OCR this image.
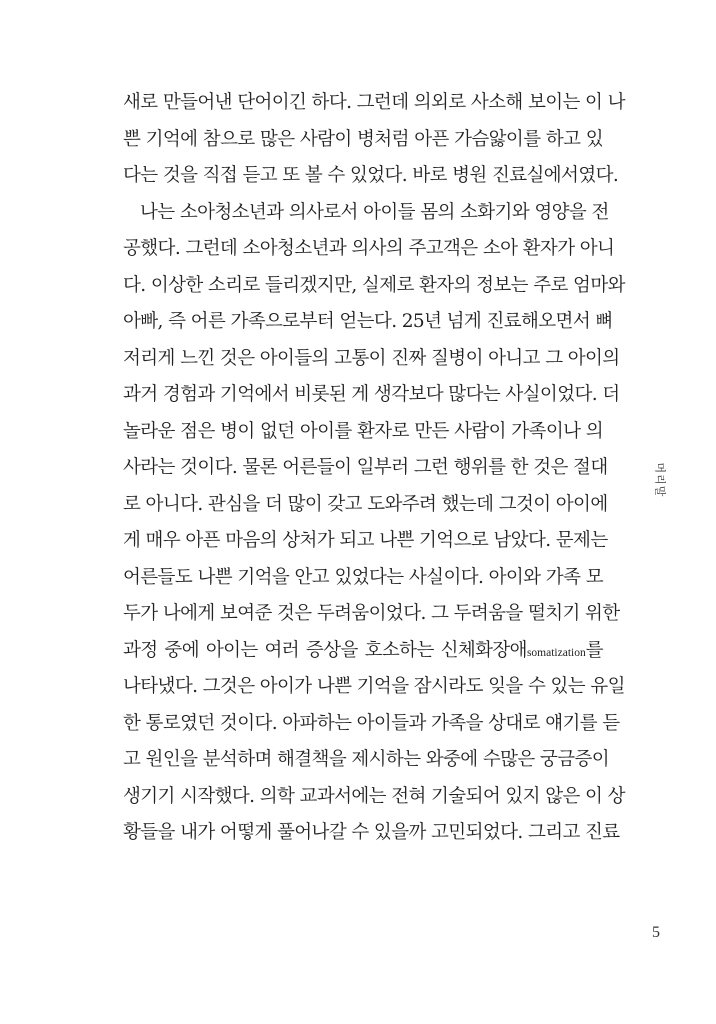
새로 만들어낸 단어이긴 하다. 그런데 의외로 사소해 보이는 이 나
쁜 기억에 참으로 많은 사람이 병처럼 아픈 가슴앓이를 하고 있
다는 것을 직접 듣고 또 볼 수 있었다. 바로 병원 진료실에서였다.
나는 소아청소년과 의사로서 아이들 몸의 소화기와 영양을 전
공했다. 그런데 소아청소년과 의사의 주고객은 소아 환자가 아니
다. 이상한 소리로 들리겠지만, 실제로 환자의 정보는 주로 엄마와
아빠, 즉 어른 가족으로부터 얻는다. 25년 넘게 진료해오면서 뼈
저리게 느낀 것은 아이들의 고통이 진짜 질병이 아니고 그 아이의
과거 경험과 기억에서 비롯된 게 생각보다 많다는 사실이었다. 더
놀라운 점은 병이 없던 아이를 환자로 만든 사람이 가족이나 의
사라는 것이다. 물론 어른들이 일부러 그런 행위를 한 것은 절대
로 아니다. 관심을 더 많이 갖고 도와주려 했는데 그것이 아이에
게 매우 아픈 마음의 상처가 되고 나쁜 기억으로 남았다. 문제는
어른들도 나쁜 기억을 안고 있었다는 사실이다. 아이와 가족 모
두가 나에게 보여준 것은 두려움이었다. 그 두려움을 떨치기 위한
과정 중에 아이는 여러 증상을 호소하는 신체화장애somatization를
나타냈다. 그것은 아이가 나쁜 기억을 잠시라도 잊을 수 있는 유일
한 통로였던 것이다. 아파하는 아이들과 가족을 상대로 얘기를 듣
고 원인을 분석하며 해결책을 제시하는 와중에 수많은 궁금증이
생기기 시작했다. 의학 교과서에는 전혀 기술되어 있지 않은 이 상
황들을 내가 어떻게 풀어나갈 수 있을까 고민되었다. 그리고 진료
머리말
5
